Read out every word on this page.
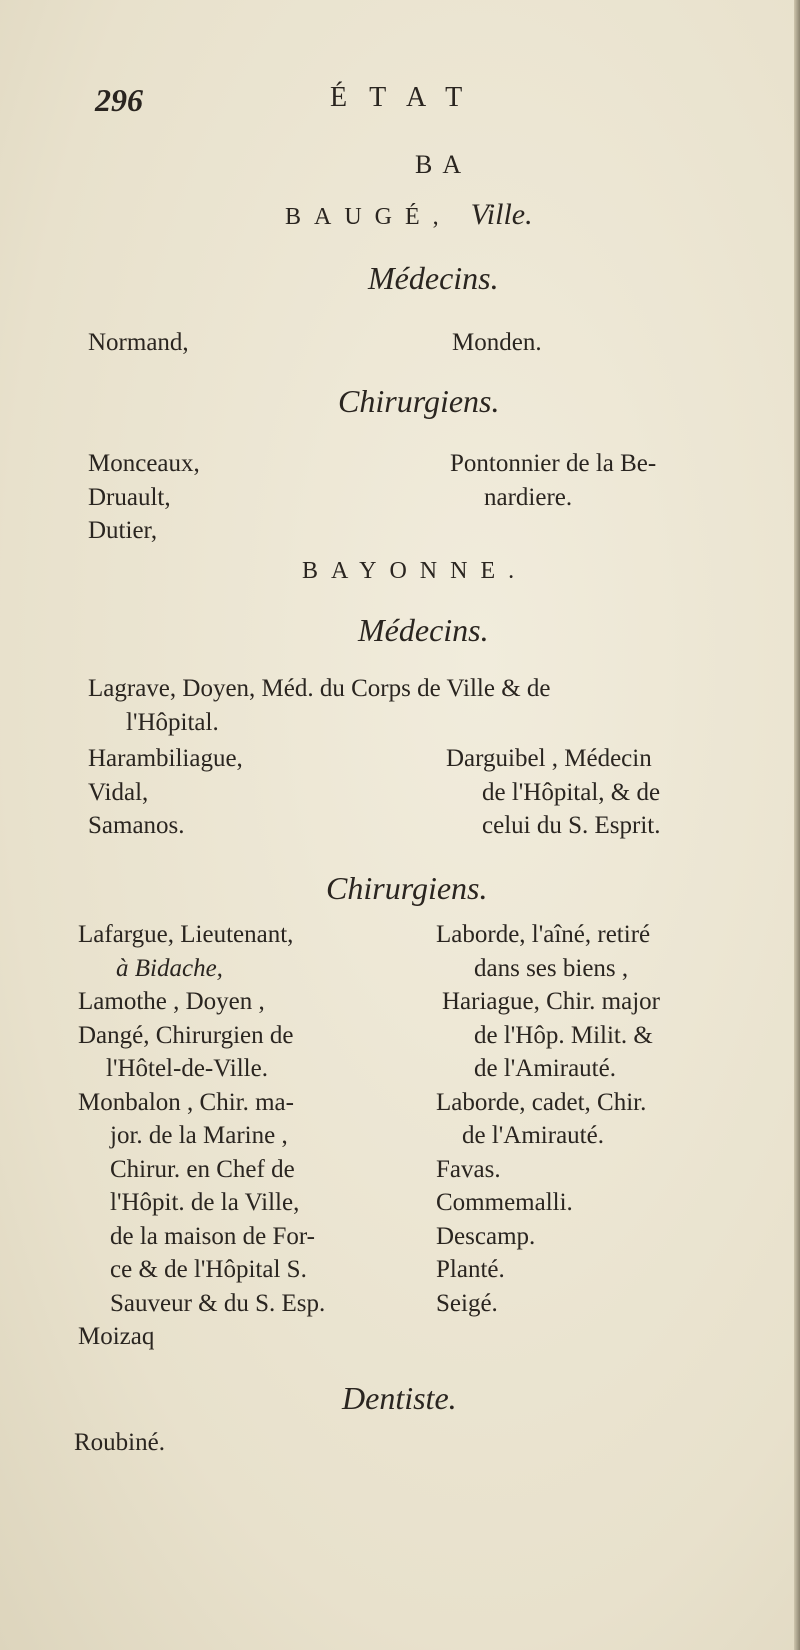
296	ÉTAT
BA
BAUGÉ, Ville.
Médecins.
Normand,	Monden.
Chirurgiens.
Monceaux,
Druault,
Dutier,
Pontonnier de la Be-
nardiere.
BAYONNE.
Médecins.
Lagrave, Doyen, Méd. du Corps de Ville & de
l'Hôpital.
Harambiliague,
Vidal,
Samanos.
Darguibel , Médecin
de l'Hôpital, & de
celui du S. Esprit.
Chirurgiens.
Lafargue, Lieutenant,
à Bidache,
Lamothe , Doyen ,
Dangé, Chirurgien de
l'Hôtel-de-Ville.
Monbalon , Chir. ma-
jor. de la Marine ,
Chirur. en Chef de
l'Hôpit. de la Ville,
de la maison de For-
ce & de l'Hôpital S.
Sauveur & du S. Esp.
Moizaq
Laborde, l'aîné, retiré
dans ses biens ,
Hariague, Chir. major
de l'Hôp. Milit. &
de l'Amirauté.
Laborde, cadet, Chir.
de l'Amirauté.
Favas.
Commemalli.
Descamp.
Planté.
Seigé.
Dentiste.
Roubiné.
